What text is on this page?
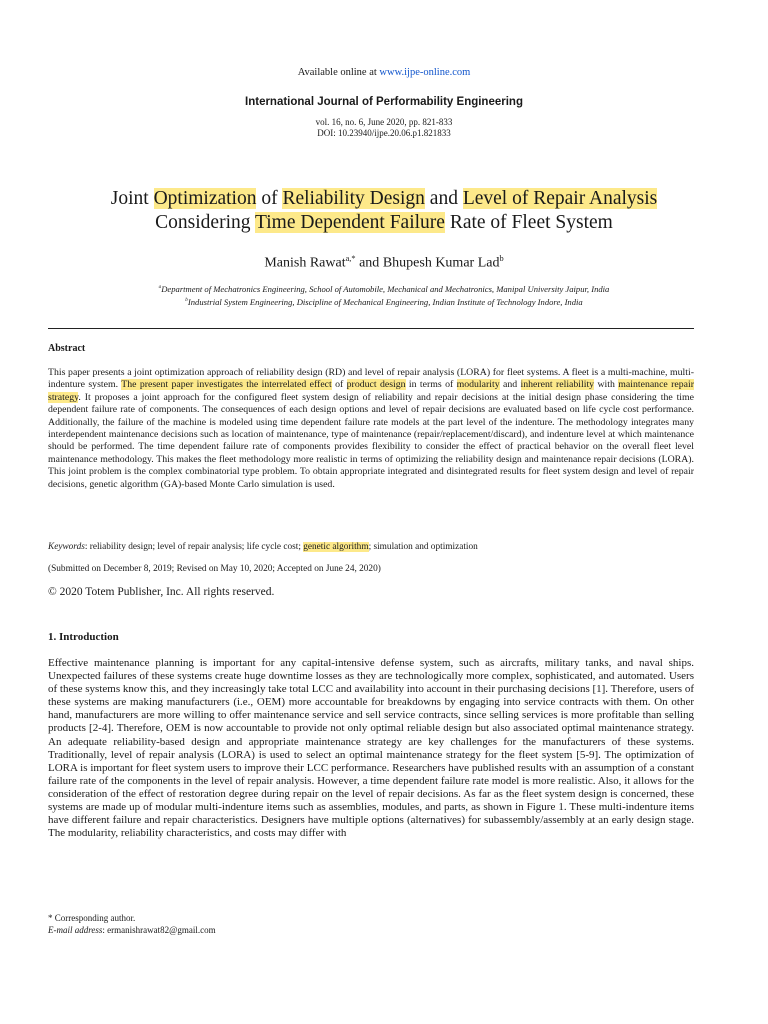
Available online at www.ijpe-online.com
International Journal of Performability Engineering
vol. 16, no. 6, June 2020, pp. 821-833
DOI: 10.23940/ijpe.20.06.p1.821833
Joint Optimization of Reliability Design and Level of Repair Analysis
Considering Time Dependent Failure Rate of Fleet System
Manish Rawat$^{a,*}$ and Bhupesh Kumar Lad$^b$
$^a$Department of Mechatronics Engineering, School of Automobile, Mechanical and Mechatronics, Manipal University Jaipur, India
$^b$Industrial System Engineering, Discipline of Mechanical Engineering, Indian Institute of Technology Indore, India
Abstract

This paper presents a joint optimization approach of reliability design (RD) and level of repair analysis (LORA) for fleet systems. A fleet is a multi-machine, multi-indenture system. The present paper investigates the interrelated effect of product design in terms of modularity and inherent reliability with maintenance repair strategy. It proposes a joint approach for the configured fleet system design of reliability and repair decisions at the initial design phase considering the time dependent failure rate of components. The consequences of each design options and level of repair decisions are evaluated based on life cycle cost performance. Additionally, the failure of the machine is modeled using time dependent failure rate models at the part level of the indenture. The methodology integrates many interdependent maintenance decisions such as location of maintenance, type of maintenance (repair/replacement/discard), and indenture level at which maintenance should be performed. The time dependent failure rate of components provides flexibility to consider the effect of practical behavior on the overall fleet level maintenance methodology. This makes the fleet methodology more realistic in terms of optimizing the reliability design and maintenance repair decisions (LORA). This joint problem is the complex combinatorial type problem. To obtain appropriate integrated and disintegrated results for fleet system design and level of repair decisions, genetic algorithm (GA)-based Monte Carlo simulation is used.

Keywords: reliability design; level of repair analysis; life cycle cost; genetic algorithm; simulation and optimization
(Submitted on December 8, 2019; Revised on May 10, 2020; Accepted on June 24, 2020)
© 2020 Totem Publisher, Inc. All rights reserved.
1. Introduction

Effective maintenance planning is important for any capital-intensive defense system, such as aircrafts, military tanks, and naval ships. Unexpected failures of these systems create huge downtime losses as they are technologically more complex, sophisticated, and automated. Users of these systems know this, and they increasingly take total LCC and availability into account in their purchasing decisions [1]. Therefore, users of these systems are making manufacturers (i.e., OEM) more accountable for breakdowns by engaging into service contracts with them. On other hand, manufacturers are more willing to offer maintenance service and sell service contracts, since selling services is more profitable than selling products [2-4]. Therefore, OEM is now accountable to provide not only optimal reliable design but also associated optimal maintenance strategy. An adequate reliability-based design and appropriate maintenance strategy are key challenges for the manufacturers of these systems. Traditionally, level of repair analysis (LORA) is used to select an optimal maintenance strategy for the fleet system [5-9]. The optimization of LORA is important for fleet system users to improve their LCC performance. Researchers have published results with an assumption of a constant failure rate of the components in the level of repair analysis. However, a time dependent failure rate model is more realistic. Also, it allows for the consideration of the effect of restoration degree during repair on the level of repair decisions. As far as the fleet system design is concerned, these systems are made up of modular multi-indenture items such as assemblies, modules, and parts, as shown in Figure 1. These multi-indenture items have different failure and repair characteristics. Designers have multiple options (alternatives) for subassembly/assembly at an early design stage. The modularity, reliability characteristics, and costs may differ with

* Corresponding author.
E-mail address: ermanishrawat82@gmail.com
